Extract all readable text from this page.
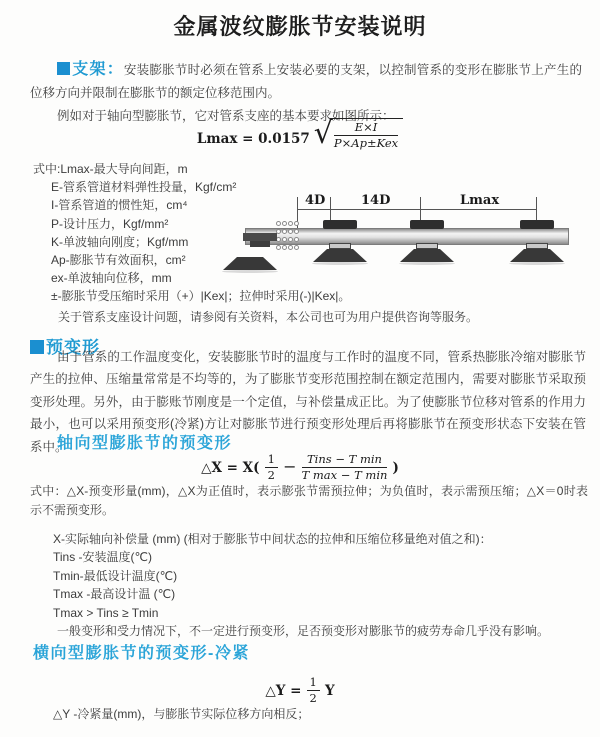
金属波纹膨胀节安装说明

支架：安装膨胀节时必须在管系上安装必要的支架，以控制管系的变形在膨胀节上产生的位移方向并限制在膨胀节的额定位移范围内。

例如对于轴向型膨胀节，它对管系支座的基本要求如图所示：

Lmax = 0.0157 √ $\frac{E\times I}{\text{P×Ap±Kex}}$
式中:Lmax-最大导向间距，m
E-管系管道材料弹性投量，Kgf/cm²
I-管系管道的惯性矩，cm⁴
P-设计压力，Kgf/mm²
K-单波轴向刚度；Kgf/mm
Ap-膨胀节有效面积，cm²
ex-单波轴向位移，mm
±-膨胀节受压缩时采用（+）|Kex|；拉伸时采用(-)|Kex|。
关于管系支座设计问题，请参阅有关资料，本公司也可为用户提供咨询等服务。
4D	14D	Lmax
预变形

由于管系的工作温度变化，安装膨胀节时的温度与工作时的温度不同，管系热膨胀冷缩对膨胀节产生的拉伸、压缩量常常是不均等的，为了膨胀节变形范围控制在额定范围内，需要对膨胀节采取预变形处理。另外，由于膨账节刚度是一个定值，与补偿量成正比。为了使膨胀节位移对管系的作用力最小，也可以采用预变形(冷紧)方让对膨胀节进行预变形处理后再将膨胀节在预变形状态下安装在管系中。

轴向型膨胀节的预变形
△X = $X( \frac{1}{2} - \frac{\text{Tins − T min}}{\text{T max − T min}}$ )

式中：△X-预变形量(mm)，△X为正值时，表示膨张节需预拉伸；为负值时，表示需预压缩；△X＝0时表示不需预变形。

X-实际轴向补偿量 (mm) (相对于膨胀节中间状态的拉伸和压缩位移量绝对值之和)：
Tins -安装温度(℃)
Tmin-最低设计温度(℃)
Tmax -最高设计温 (℃)
Tmax > Tins ≥ Tmin
一般变形和受力情况下，不一定进行预变形，足否预变形对膨胀节的疲劳寿命几乎没有影响。
横向型膨胀节的预变形-冷紧
△Y = $\frac{1}{2}$ Y
△Y -冷紧量(mm)，与膨胀节实际位移方向相反；
